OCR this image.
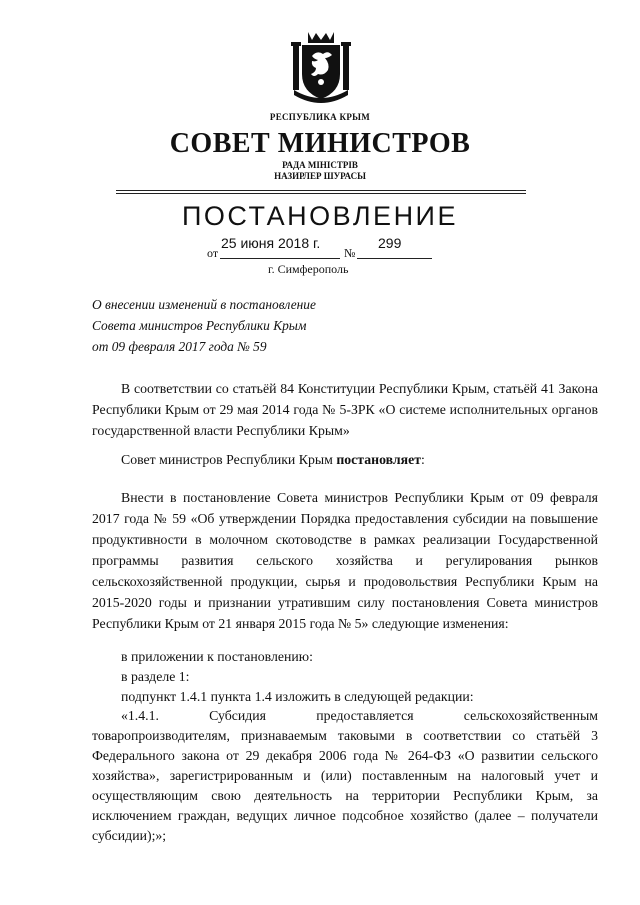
РЕСПУБЛИКА КРЫМ
СОВЕТ МИНИСТРОВ
РАДА МІНІСТРІВ
НАЗИРЛЕР ШУРАСЫ
ПОСТАНОВЛЕНИЕ
от
25 июня 2018 г.
№
299
г. Симферополь
О внесении изменений в постановление
Совета министров Республики Крым
от 09 февраля 2017 года № 59
В соответствии со статьёй 84 Конституции Республики Крым, статьёй 41 Закона Республики Крым от 29 мая 2014 года № 5-ЗРК «О системе исполнительных органов государственной власти Республики Крым»
Совет министров Республики Крым постановляет:
Внести в постановление Совета министров Республики Крым от 09 февраля 2017 года № 59 «Об утверждении Порядка предоставления субсидии на повышение продуктивности в молочном скотоводстве в рамках реализации Государственной программы развития сельского хозяйства и регулирования рынков сельскохозяйственной продукции, сырья и продовольствия Республики Крым на 2015-2020 годы и признании утратившим силу постановления Совета министров Республики Крым от 21 января 2015 года № 5» следующие изменения:
в приложении к постановлению:
в разделе 1:
подпункт 1.4.1 пункта 1.4 изложить в следующей редакции:
«1.4.1. Субсидия предоставляется сельскохозяйственным товаропроизводителям, признаваемым таковыми в соответствии со статьёй 3 Федерального закона от 29 декабря 2006 года № 264-ФЗ «О развитии сельского хозяйства», зарегистрированным и (или) поставленным на налоговый учет и осуществляющим свою деятельность на территории Республики Крым, за исключением граждан, ведущих личное подсобное хозяйство (далее – получатели субсидии);»;
